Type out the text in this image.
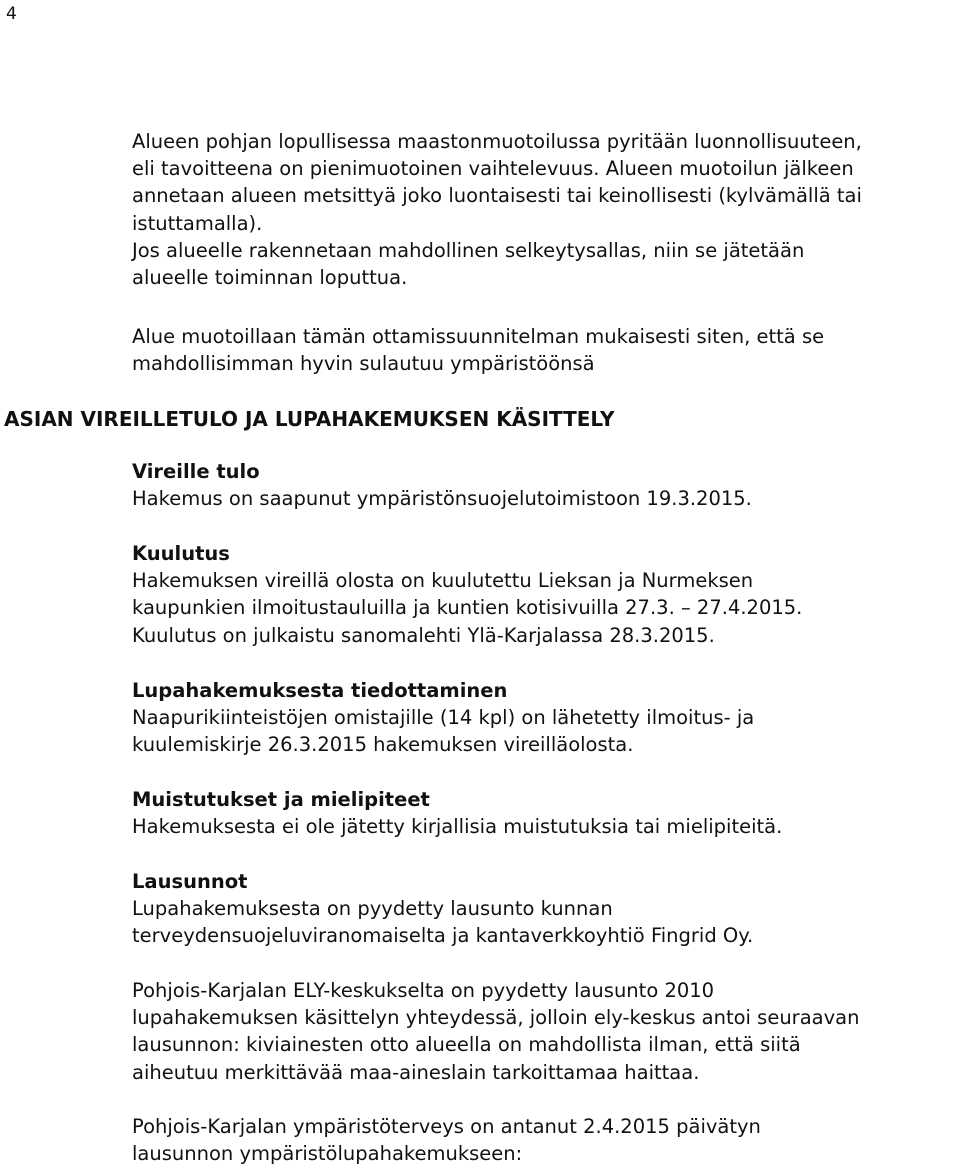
4

Alueen pohjan lopullisessa maastonmuotoilussa pyritään luonnollisuuteen,
eli tavoitteena on pienimuotoinen vaihtelevuus. Alueen muotoilun jälkeen
annetaan alueen metsittyä joko luontaisesti tai keinollisesti (kylvämällä tai
istuttamalla).
Jos alueelle rakennetaan mahdollinen selkeytysallas, niin se jätetään
alueelle toiminnan loputtua.

Alue muotoillaan tämän ottamissuunnitelman mukaisesti siten, että se
mahdollisimman hyvin sulautuu ympäristöönsä

ASIAN VIREILLETULO JA LUPAHAKEMUKSEN KÄSITTELY
Vireille tulo
Hakemus on saapunut ympäristönsuojelutoimistoon 19.3.2015.
Kuulutus
Hakemuksen vireillä olosta on kuulutettu Lieksan ja Nurmeksen
kaupunkien ilmoitustauluilla ja kuntien kotisivuilla 27.3. – 27.4.2015.
Kuulutus on julkaistu sanomalehti Ylä-Karjalassa 28.3.2015.
Lupahakemuksesta tiedottaminen
Naapurikiinteistöjen omistajille (14 kpl) on lähetetty ilmoitus- ja
kuulemiskirje 26.3.2015 hakemuksen vireilläolosta.
Muistutukset ja mielipiteet
Hakemuksesta ei ole jätetty kirjallisia muistutuksia tai mielipiteitä.
Lausunnot
Lupahakemuksesta on pyydetty lausunto kunnan
terveydensuojeluviranomaiselta ja kantaverkkoyhtiö Fingrid Oy.

Pohjois-Karjalan ELY-keskukselta on pyydetty lausunto 2010
lupahakemuksen käsittelyn yhteydessä, jolloin ely-keskus antoi seuraavan
lausunnon: kiviainesten otto alueella on mahdollista ilman, että siitä
aiheutuu merkittävää maa-aineslain tarkoittamaa haittaa.

Pohjois-Karjalan ympäristöterveys on antanut 2.4.2015 päivätyn
lausunnon ympäristölupahakemukseen:
